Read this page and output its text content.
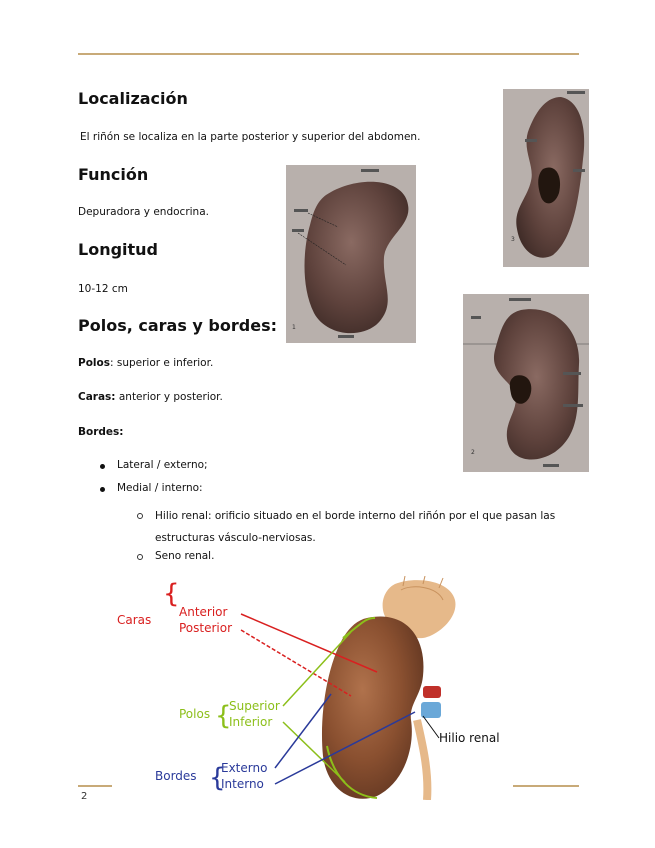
Localización

El riñón se localiza en la parte posterior y superior del abdomen.

Función

Depuradora y endocrina.

Longitud

10-12 cm

Polos, caras y bordes:

Polos: superior e inferior.

Caras: anterior y posterior.

Bordes:

Lateral / externo;
Medial / interno:
Hilio renal: orificio situado en el borde interno del riñón por el que pasan las estructuras vásculo-nerviosas.
Seno renal.
1
3
2
Caras
{
Anterior
Posterior
Polos {
Superior
Inferior
Bordes {
Externo
Interno
Hilio renal
2
